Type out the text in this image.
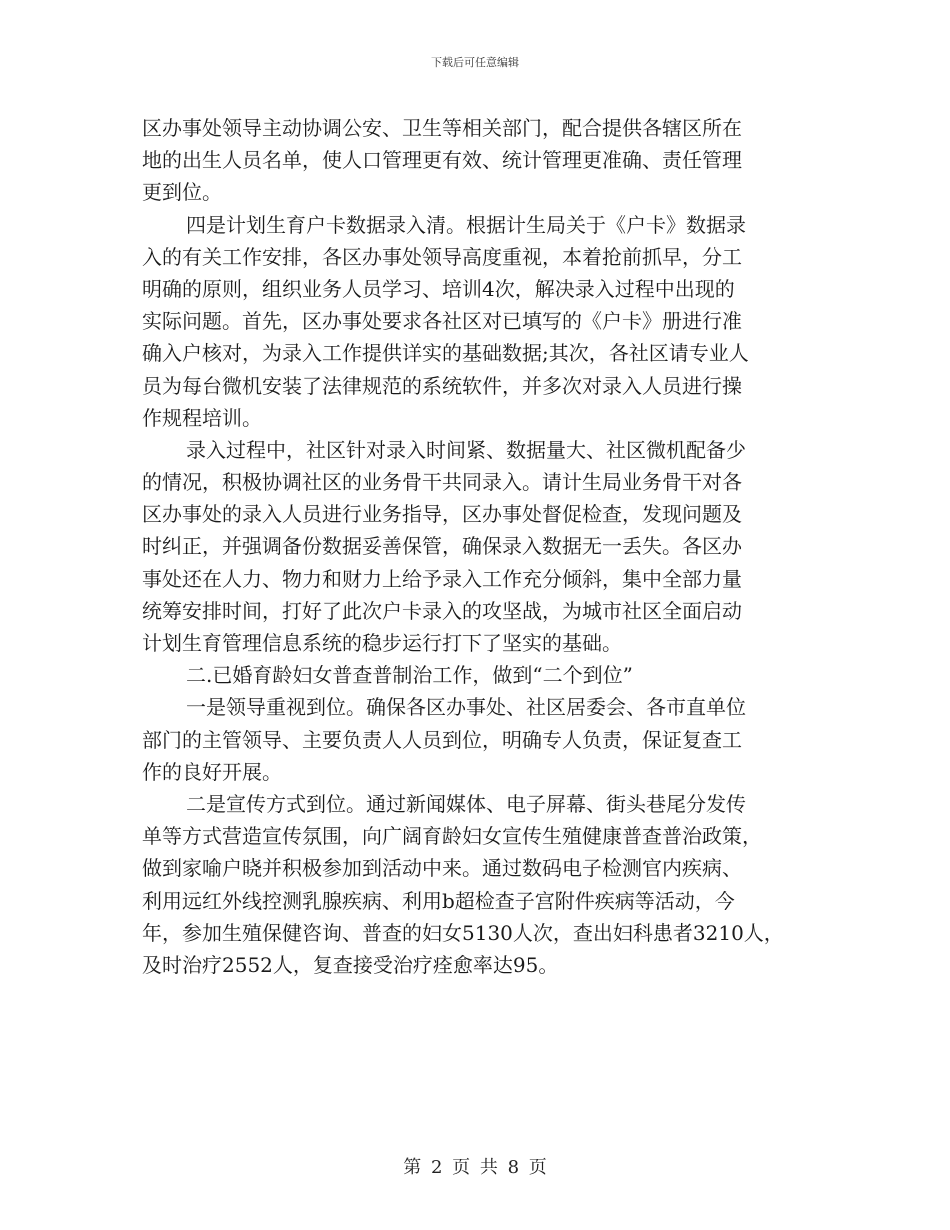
下载后可任意编辑
区办事处领导主动协调公安、卫生等相关部门，配合提供各辖区所在
地的出生人员名单，使人口管理更有效、统计管理更准确、责任管理
更到位。
四是计划生育户卡数据录入清。根据计生局关于《户卡》数据录
入的有关工作安排，各区办事处领导高度重视，本着抢前抓早，分工
明确的原则，组织业务人员学习、培训4次，解决录入过程中出现的
实际问题。首先，区办事处要求各社区对已填写的《户卡》册进行准
确入户核对，为录入工作提供详实的基础数据;其次，各社区请专业人
员为每台微机安装了法律规范的系统软件，并多次对录入人员进行操
作规程培训。
录入过程中，社区针对录入时间紧、数据量大、社区微机配备少
的情况，积极协调社区的业务骨干共同录入。请计生局业务骨干对各
区办事处的录入人员进行业务指导，区办事处督促检查，发现问题及
时纠正，并强调备份数据妥善保管，确保录入数据无一丢失。各区办
事处还在人力、物力和财力上给予录入工作充分倾斜，集中全部力量
统筹安排时间，打好了此次户卡录入的攻坚战，为城市社区全面启动
计划生育管理信息系统的稳步运行打下了坚实的基础。
二.已婚育龄妇女普查普制治工作，做到“二个到位”
一是领导重视到位。确保各区办事处、社区居委会、各市直单位
部门的主管领导、主要负责人人员到位，明确专人负责，保证复查工
作的良好开展。
二是宣传方式到位。通过新闻媒体、电子屏幕、街头巷尾分发传
单等方式营造宣传氛围，向广阔育龄妇女宣传生殖健康普查普治政策，
做到家喻户晓并积极参加到活动中来。通过数码电子检测官内疾病、
利用远红外线控测乳腺疾病、利用b超检查子宫附件疾病等活动，今
年，参加生殖保健咨询、普查的妇女5130人次，查出妇科患者3210人，
及时治疗2552人，复查接受治疗痊愈率达95。
第 2 页 共 8 页
